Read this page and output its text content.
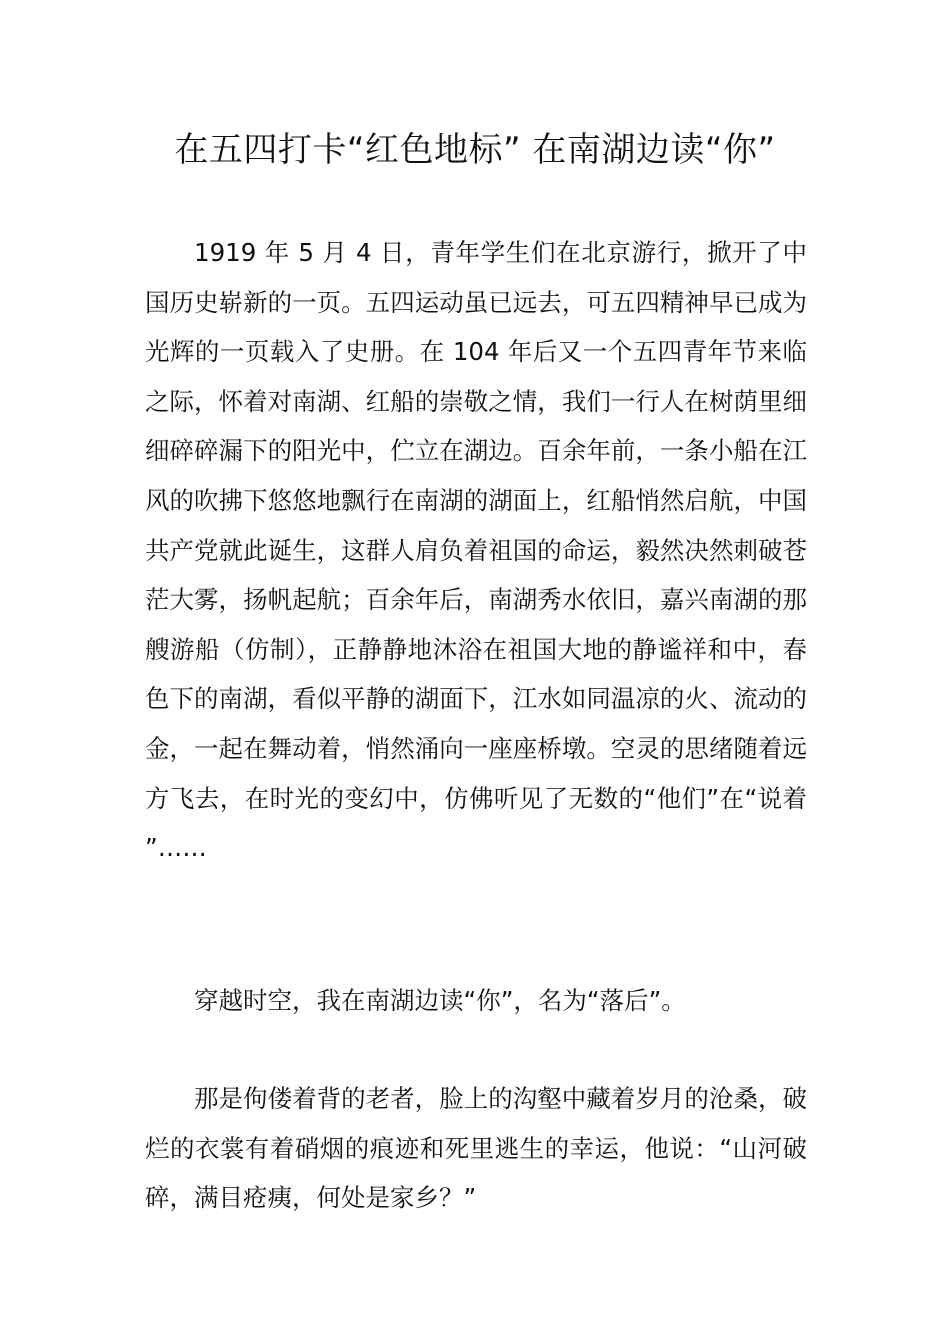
在五四打卡“红色地标” 在南湖边读“你”

1919 年 5 月 4 日，青年学生们在北京游行，掀开了中国历史崭新的一页。五四运动虽已远去，可五四精神早已成为光辉的一页载入了史册。在 104 年后又一个五四青年节来临之际，怀着对南湖、红船的崇敬之情，我们一行人在树荫里细细碎碎漏下的阳光中，伫立在湖边。百余年前，一条小船在江风的吹拂下悠悠地飘行在南湖的湖面上，红船悄然启航，中国共产党就此诞生，这群人肩负着祖国的命运，毅然决然刺破苍茫大雾，扬帆起航；百余年后，南湖秀水依旧，嘉兴南湖的那艘游船（仿制），正静静地沐浴在祖国大地的静谧祥和中，春色下的南湖，看似平静的湖面下，江水如同温凉的火、流动的金，一起在舞动着，悄然涌向一座座桥墩。空灵的思绪随着远方飞去，在时光的变幻中，仿佛听见了无数的“他们”在“说着”……

穿越时空，我在南湖边读“你”，名为“落后”。

那是佝偻着背的老者，脸上的沟壑中藏着岁月的沧桑，破烂的衣裳有着硝烟的痕迹和死里逃生的幸运，他说：“山河破碎，满目疮痍，何处是家乡？”
